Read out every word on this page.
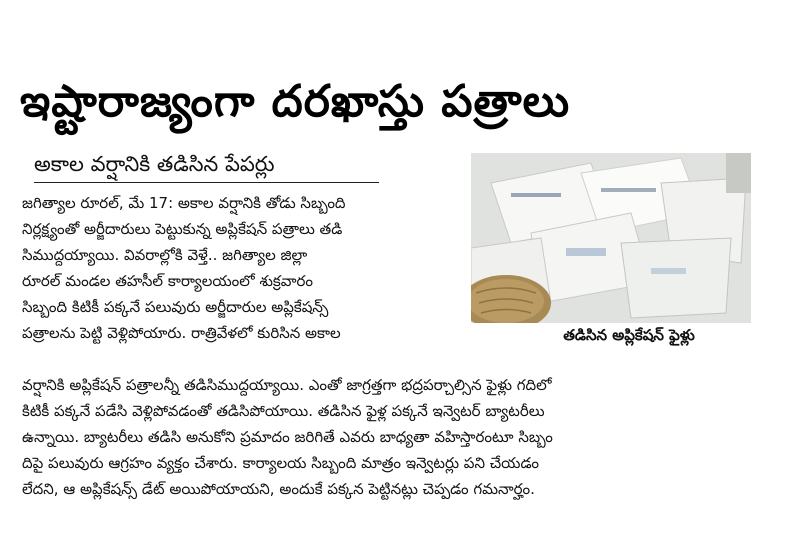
ఇష్టారాజ్యంగా దరఖాస్తు పత్రాలు
అకాల వర్షానికి తడిసిన పేపర్లు
జగిత్యాల రూరల్, మే 17: అకాల వర్షానికి తోడు సిబ్బంది
నిర్లక్ష్యంతో అర్జీదారులు పెట్టుకున్న అప్లికేషన్ పత్రాలు తడి
సిముద్దయ్యాయి. వివరాల్లోకి వెళ్తే.. జగిత్యాల జిల్లా
రూరల్ మండల తహసీల్ కార్యాలయంలో శుక్రవారం
సిబ్బంది కిటికీ పక్కనే పలువురు అర్జీదారుల అప్లికేషన్స్
పత్రాలను పెట్టి వెళ్లిపోయారు. రాత్రివేళలో కురిసిన అకాల	తడిసిన అప్లికేషన్ ఫైళ్లు
వర్షానికి అప్లికేషన్ పత్రాలన్నీ తడిసిముద్దయ్యాయి. ఎంతో జాగ్రత్తగా భద్రపర్చాల్సిన ఫైళ్లు గదిలో
కిటికీ పక్కనే పడేసి వెళ్లిపోవడంతో తడిసిపోయాయి. తడిసిన ఫైళ్ల పక్కనే ఇన్వెటర్ బ్యాటరీలు
ఉన్నాయి. బ్యాటరీలు తడిసి అనుకోని ప్రమాదం జరిగితే ఎవరు బాధ్యతా వహిస్తారంటూ సిబ్బం
దిపై పలువురు ఆగ్రహం వ్యక్తం చేశారు. కార్యాలయ సిబ్బంది మాత్రం ఇన్వెటర్లు పని చేయడం
లేదని, ఆ అప్లికేషన్స్ డేట్ అయిపోయాయని, అందుకే పక్కన పెట్టినట్లు చెప్పడం గమనార్హం.
